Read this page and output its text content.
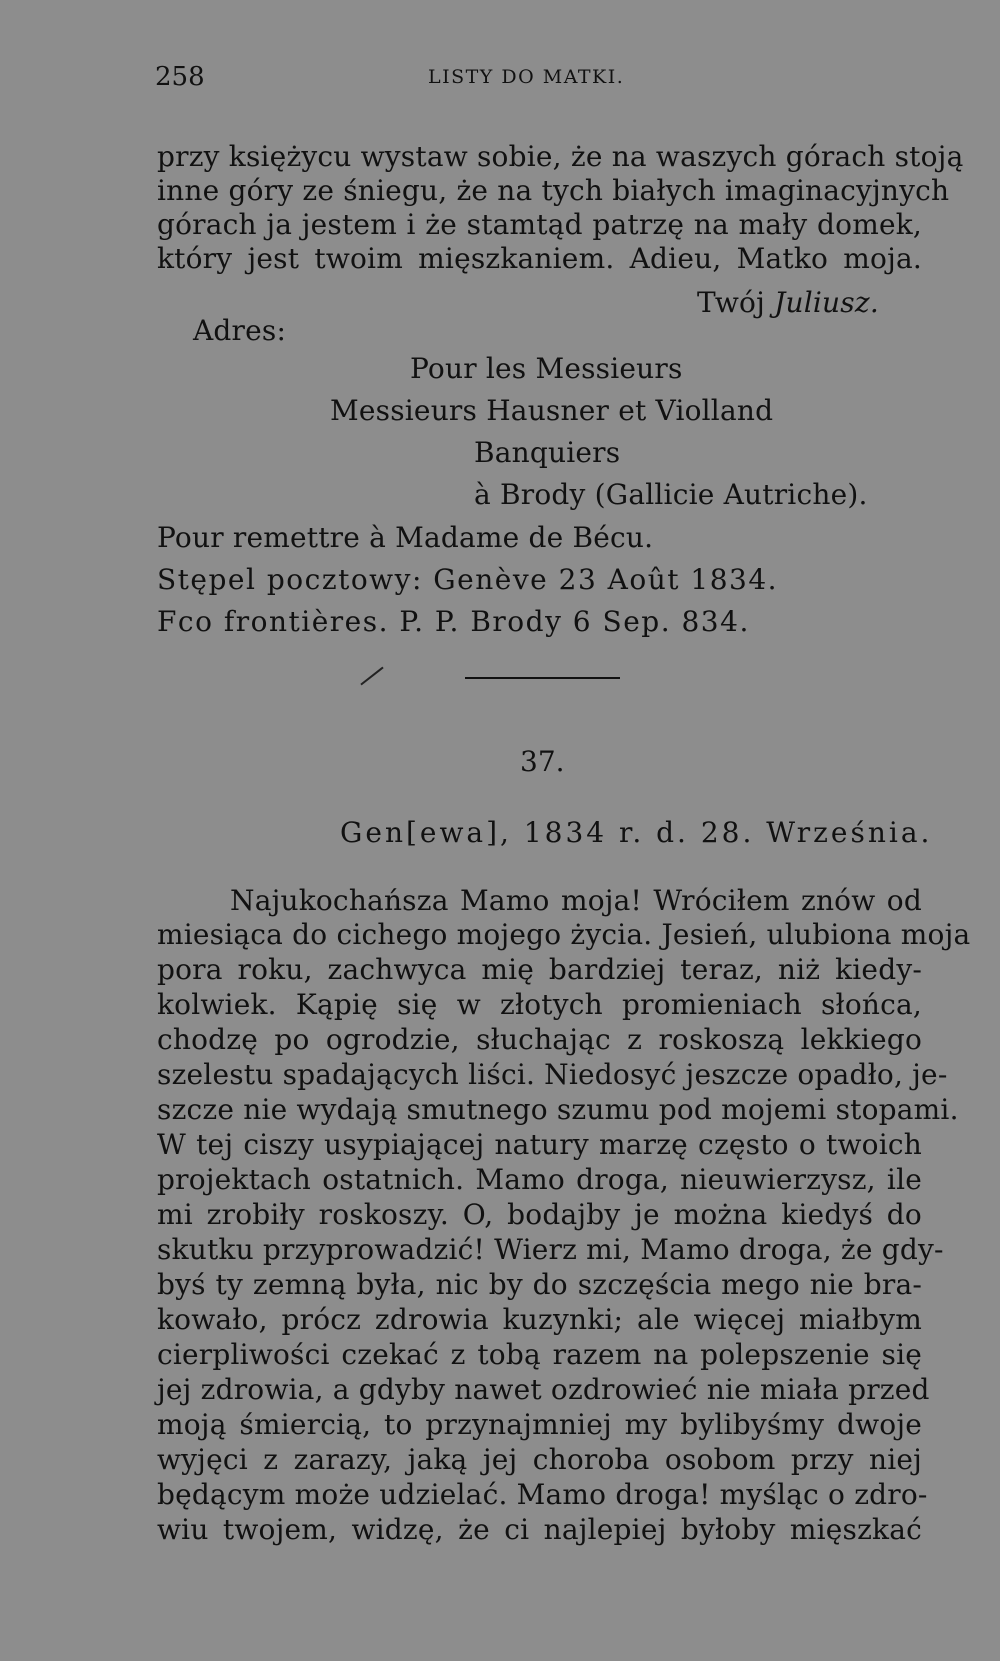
258	LISTY DO MATKI.
przy księżycu wystaw sobie, że na waszych górach stoją
inne góry ze śniegu, że na tych białych imaginacyjnych
górach ja jestem i że stamtąd patrzę na mały domek,
który jest twoim mięszkaniem. Adieu, Matko moja.
Twój Juliusz.
Adres:
Pour les Messieurs
Messieurs Hausner et Violland
Banquiers
à Brody (Gallicie Autriche).
Pour remettre à Madame de Bécu.
Stępel pocztowy: Genève 23 Août 1834.
Fco frontières. P. P. Brody 6 Sep. 834.
37.
Gen[ewa], 1834 r. d. 28. Września.
Najukochańsza Mamo moja! Wróciłem znów od
miesiąca do cichego mojego życia. Jesień, ulubiona moja
pora roku, zachwyca mię bardziej teraz, niż kiedy-
kolwiek. Kąpię się w złotych promieniach słońca,
chodzę po ogrodzie, słuchając z roskoszą lekkiego
szelestu spadających liści. Niedosyć jeszcze opadło, je-
szcze nie wydają smutnego szumu pod mojemi stopami.
W tej ciszy usypiającej natury marzę często o twoich
projektach ostatnich. Mamo droga, nieuwierzysz, ile
mi zrobiły roskoszy. O, bodajby je można kiedyś do
skutku przyprowadzić! Wierz mi, Mamo droga, że gdy-
byś ty zemną była, nic by do szczęścia mego nie bra-
kowało, prócz zdrowia kuzynki; ale więcej miałbym
cierpliwości czekać z tobą razem na polepszenie się
jej zdrowia, a gdyby nawet ozdrowieć nie miała przed
moją śmiercią, to przynajmniej my bylibyśmy dwoje
wyjęci z zarazy, jaką jej choroba osobom przy niej
będącym może udzielać. Mamo droga! myśląc o zdro-
wiu twojem, widzę, że ci najlepiej byłoby mięszkać
